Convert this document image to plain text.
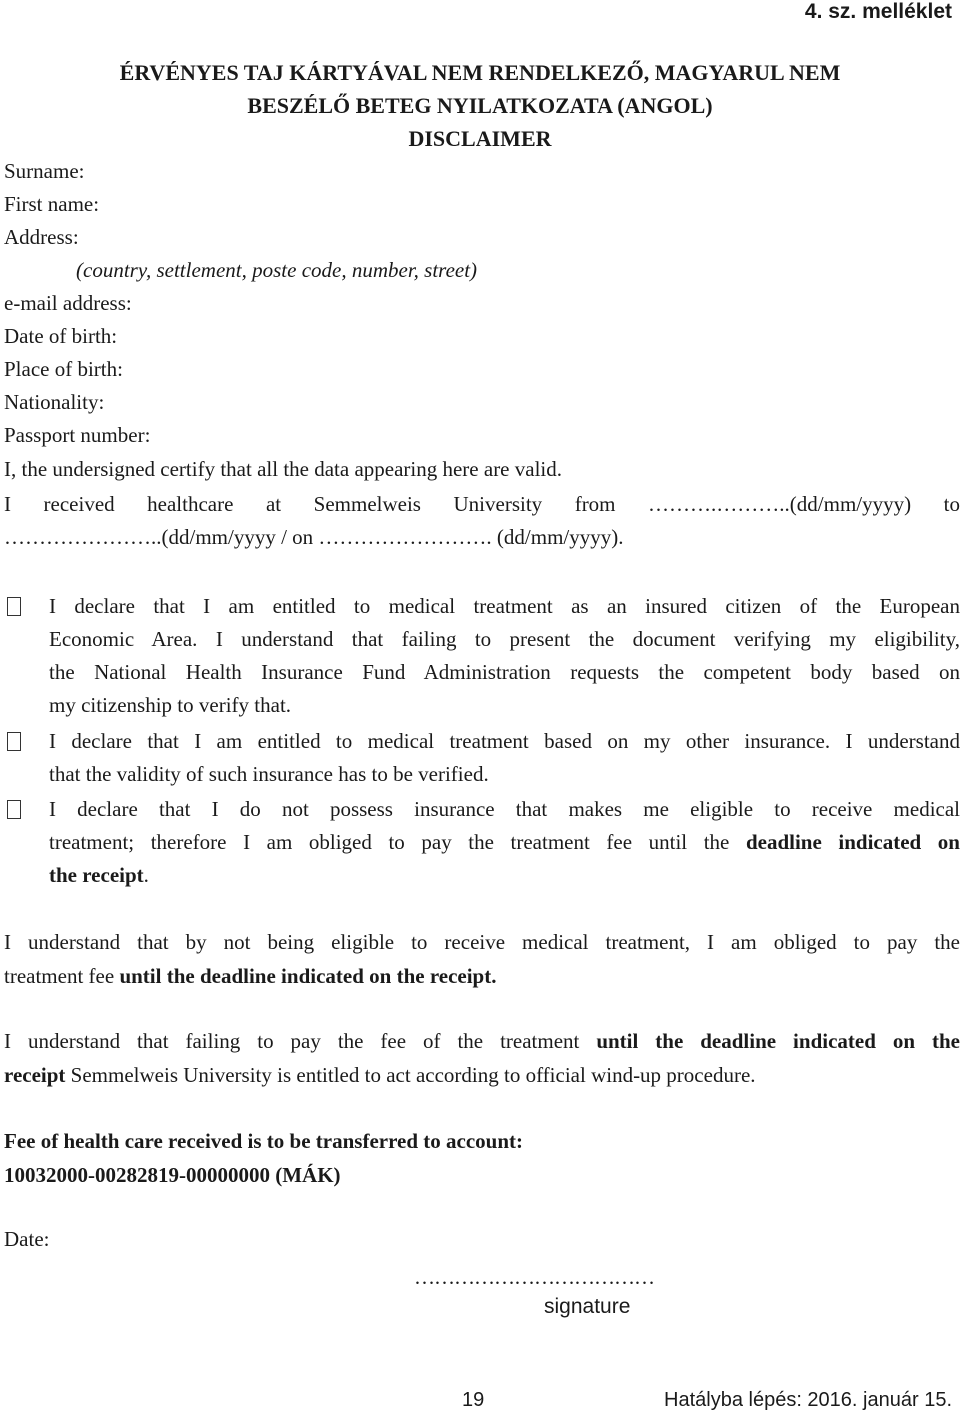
4. sz. melléklet
ÉRVÉNYES TAJ KÁRTYÁVAL NEM RENDELKEZŐ, MAGYARUL NEM
BESZÉLŐ BETEG NYILATKOZATA (ANGOL)
DISCLAIMER
Surname:
First name:
Address:
(country, settlement, poste code, number, street)
e-mail address:
Date of birth:
Place of birth:
Nationality:
Passport number:
I, the undersigned certify that all the data appearing here are valid.
I received healthcare at Semmelweis University from ……….………..(dd/mm/yyyy) to
…………………..(dd/mm/yyyy / on ……………………. (dd/mm/yyyy).
I declare that I am entitled to medical treatment as an insured citizen of the European
Economic Area. I understand that failing to present the document verifying my eligibility,
the National Health Insurance Fund Administration requests the competent body based on
my citizenship to verify that.
I declare that I am entitled to medical treatment based on my other insurance. I understand
that the validity of such insurance has to be verified.
I declare that I do not possess insurance that makes me eligible to receive medical
treatment; therefore I am obliged to pay the treatment fee until the deadline indicated on
the receipt.
I understand that by not being eligible to receive medical treatment, I am obliged to pay the
treatment fee until the deadline indicated on the receipt.
I understand that failing to pay the fee of the treatment until the deadline indicated on the
receipt Semmelweis University is entitled to act according to official wind-up procedure.
Fee of health care received is to be transferred to account:
10032000-00282819-00000000 (MÁK)
Date:
………………………………
signature
19	Hatályba lépés: 2016. január 15.
